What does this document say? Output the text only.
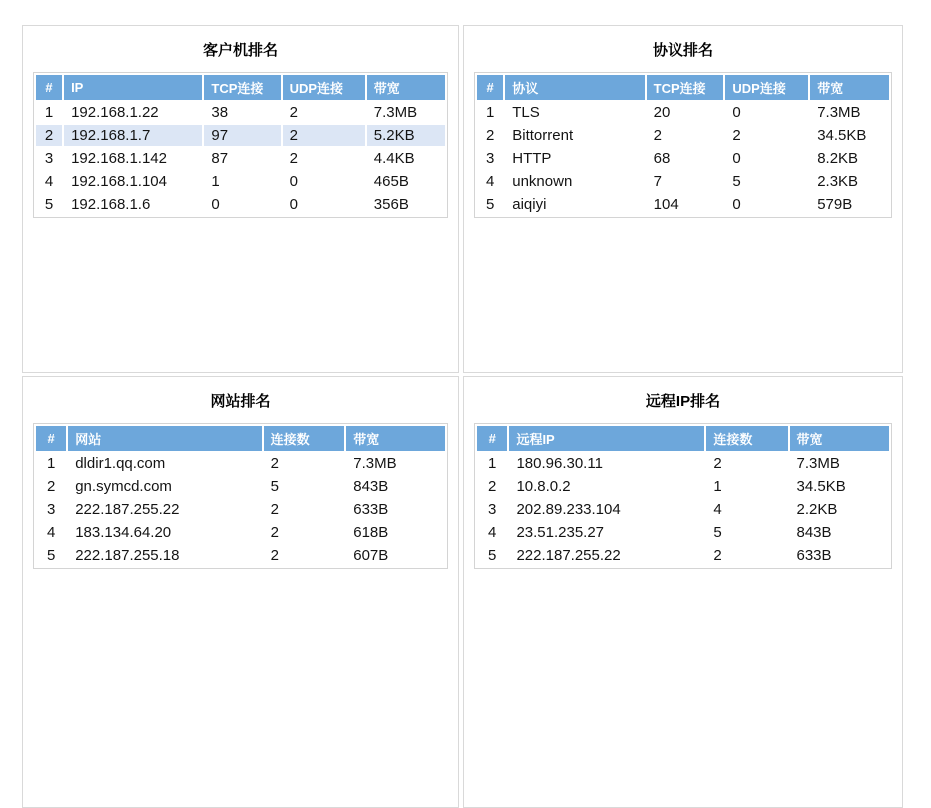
客户机排名
#	IP	TCP连接	UDP连接	带宽
1	192.168.1.22	38	2	7.3MB
2	192.168.1.7	97	2	5.2KB
3	192.168.1.142	87	2	4.4KB
4	192.168.1.104	1	0	465B
5	192.168.1.6	0	0	356B
协议排名
#	协议	TCP连接	UDP连接	带宽
1	TLS	20	0	7.3MB
2	Bittorrent	2	2	34.5KB
3	HTTP	68	0	8.2KB
4	unknown	7	5	2.3KB
5	aiqiyi	104	0	579B
网站排名
#	网站	连接数	带宽
1	dldir1.qq.com	2	7.3MB
2	gn.symcd.com	5	843B
3	222.187.255.22	2	633B
4	183.134.64.20	2	618B
5	222.187.255.18	2	607B
远程IP排名
#	远程IP	连接数	带宽
1	180.96.30.11	2	7.3MB
2	10.8.0.2	1	34.5KB
3	202.89.233.104	4	2.2KB
4	23.51.235.27	5	843B
5	222.187.255.22	2	633B
